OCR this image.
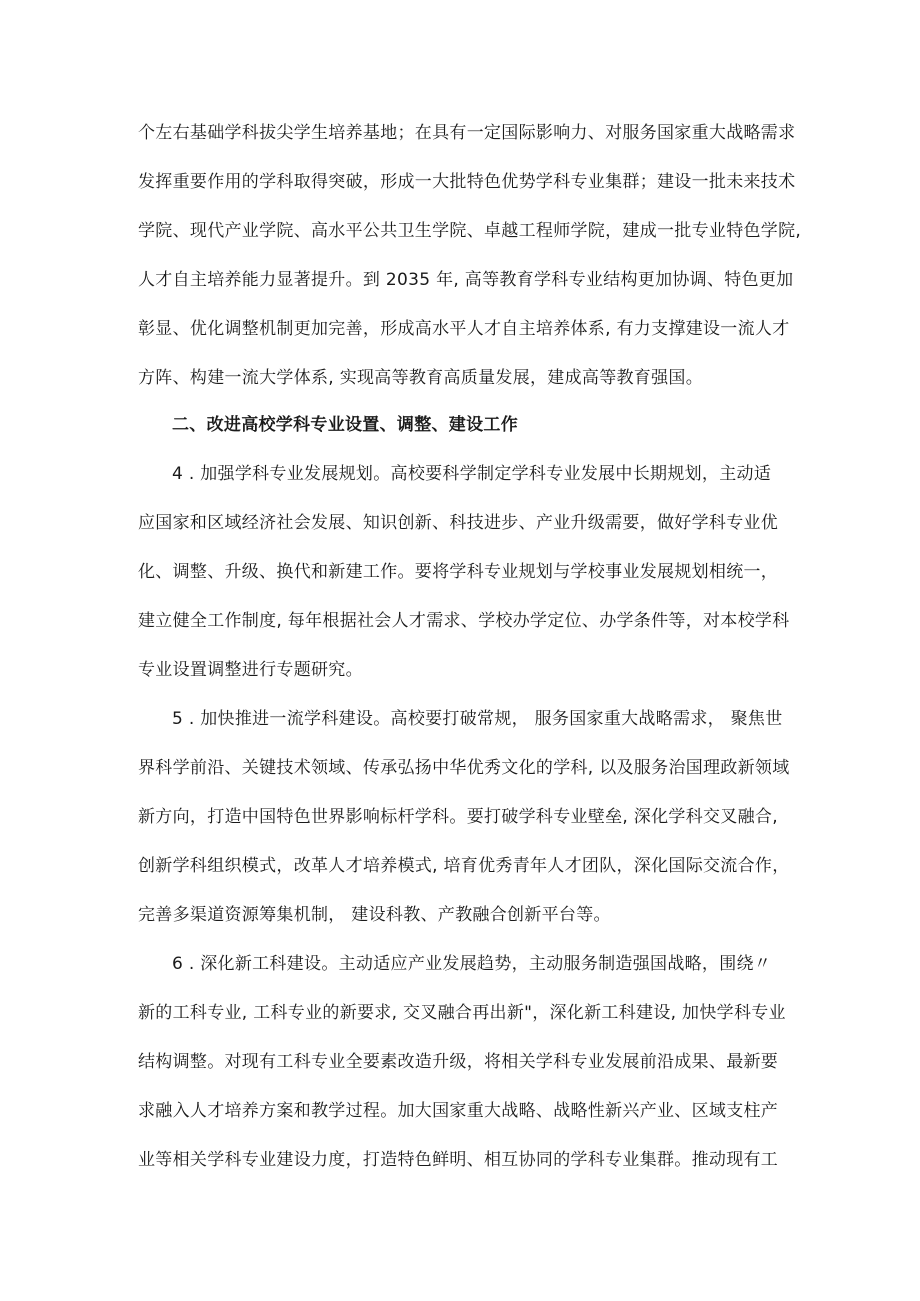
个左右基础学科拔尖学生培养基地；在具有一定国际影响力、对服务国家重大战略需求
发挥重要作用的学科取得突破，形成一大批特色优势学科专业集群；建设一批未来技术
学院、现代产业学院、高水平公共卫生学院、卓越工程师学院，建成一批专业特色学院,
人才自主培养能力显著提升。到 2035 年, 高等教育学科专业结构更加协调、特色更加
彰显、优化调整机制更加完善，形成高水平人才自主培养体系, 有力支撑建设一流人才
方阵、构建一流大学体系, 实现高等教育高质量发展，建成高等教育强国。
二、改进高校学科专业设置、调整、建设工作
4 . 加强学科专业发展规划。高校要科学制定学科专业发展中长期规划，主动适
应国家和区域经济社会发展、知识创新、科技进步、产业升级需要，做好学科专业优
化、调整、升级、换代和新建工作。要将学科专业规划与学校事业发展规划相统一，
建立健全工作制度, 每年根据社会人才需求、学校办学定位、办学条件等，对本校学科
专业设置调整进行专题研究。
5 . 加快推进一流学科建设。高校要打破常规， 服务国家重大战略需求， 聚焦世
界科学前沿、关键技术领域、传承弘扬中华优秀文化的学科, 以及服务治国理政新领域
新方向，打造中国特色世界影响标杆学科。要打破学科专业壁垒, 深化学科交叉融合,
创新学科组织模式，改革人才培养模式, 培育优秀青年人才团队，深化国际交流合作，
完善多渠道资源筹集机制， 建设科教、产教融合创新平台等。
6 . 深化新工科建设。主动适应产业发展趋势，主动服务制造强国战略，围绕〃
新的工科专业, 工科专业的新要求, 交叉融合再出新"，深化新工科建设, 加快学科专业
结构调整。对现有工科专业全要素改造升级，将相关学科专业发展前沿成果、最新要
求融入人才培养方案和教学过程。加大国家重大战略、战略性新兴产业、区域支柱产
业等相关学科专业建设力度，打造特色鲜明、相互协同的学科专业集群。推动现有工
